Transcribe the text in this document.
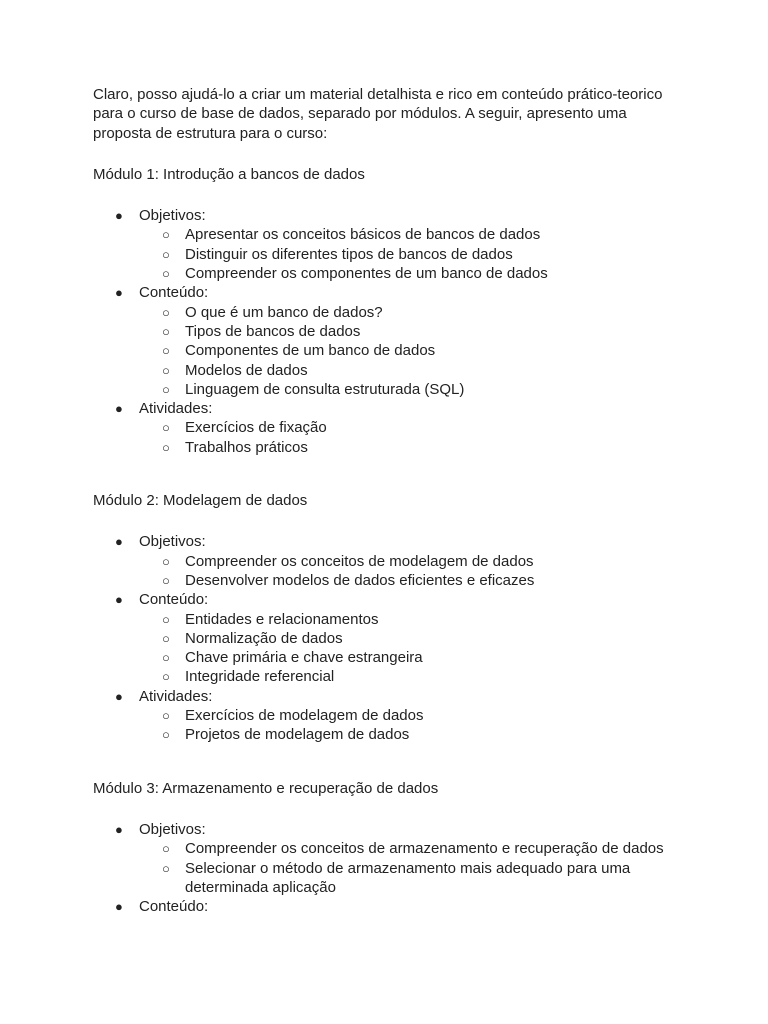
Claro, posso ajudá-lo a criar um material detalhista e rico em conteúdo prático-teorico para o curso de base de dados, separado por módulos. A seguir, apresento uma proposta de estrutura para o curso:

Módulo 1: Introdução a bancos de dados
● Objetivos:
○ Apresentar os conceitos básicos de bancos de dados
○ Distinguir os diferentes tipos de bancos de dados
○ Compreender os componentes de um banco de dados
● Conteúdo:
○ O que é um banco de dados?
○ Tipos de bancos de dados
○ Componentes de um banco de dados
○ Modelos de dados
○ Linguagem de consulta estruturada (SQL)
● Atividades:
○ Exercícios de fixação
○ Trabalhos práticos
Módulo 2: Modelagem de dados
● Objetivos:
○ Compreender os conceitos de modelagem de dados
○ Desenvolver modelos de dados eficientes e eficazes
● Conteúdo:
○ Entidades e relacionamentos
○ Normalização de dados
○ Chave primária e chave estrangeira
○ Integridade referencial
● Atividades:
○ Exercícios de modelagem de dados
○ Projetos de modelagem de dados
Módulo 3: Armazenamento e recuperação de dados
● Objetivos:
○ Compreender os conceitos de armazenamento e recuperação de dados
○ Selecionar o método de armazenamento mais adequado para uma determinada aplicação
● Conteúdo:
